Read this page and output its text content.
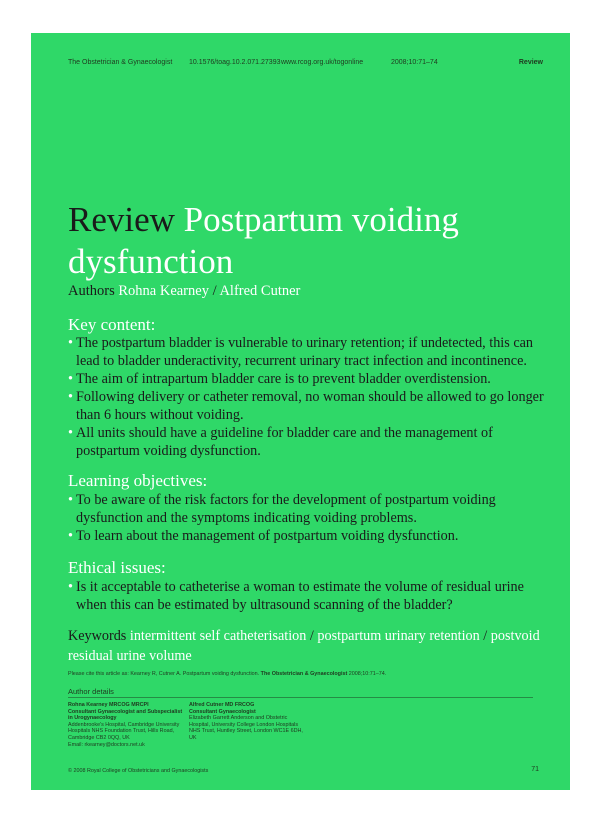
The Obstetrician & Gynaecologist 10.1576/toag.10.2.071.27393 www.rcog.org.uk/togonline	2008;10:71–74	Review
Review Postpartum voiding dysfunction
Authors Rohna Kearney / Alfred Cutner
Key content:
• The postpartum bladder is vulnerable to urinary retention; if undetected, this can lead to bladder underactivity, recurrent urinary tract infection and incontinence.
• The aim of intrapartum bladder care is to prevent bladder overdistension.
• Following delivery or catheter removal, no woman should be allowed to go longer than 6 hours without voiding.
• All units should have a guideline for bladder care and the management of postpartum voiding dysfunction.
Learning objectives:
• To be aware of the risk factors for the development of postpartum voiding dysfunction and the symptoms indicating voiding problems.
• To learn about the management of postpartum voiding dysfunction.
Ethical issues:
• Is it acceptable to catheterise a woman to estimate the volume of residual urine when this can be estimated by ultrasound scanning of the bladder?
Keywords intermittent self catheterisation / postpartum urinary retention / postvoid residual urine volume
Please cite this article as: Kearney R, Cutner A. Postpartum voiding dysfunction. The Obstetrician & Gynaecologist 2008;10:71–74.
Author details
Rohna Kearney MRCOG MRCPI
Consultant Gynaecologist and Subspecialist in Urogynaecology
Addenbrooke's Hospital, Cambridge University Hospitals NHS Foundation Trust, Hills Road, Cambridge CB2 0QQ, UK
Email: rkearney@doctors.net.uk
Alfred Cutner MD FRCOG
Consultant Gynaecologist
Elizabeth Garrett Anderson and Obstetric Hospital, University College London Hospitals NHS Trust, Huntley Street, London WC1E 6DH, UK
© 2008 Royal College of Obstetricians and Gynaecologists	71
